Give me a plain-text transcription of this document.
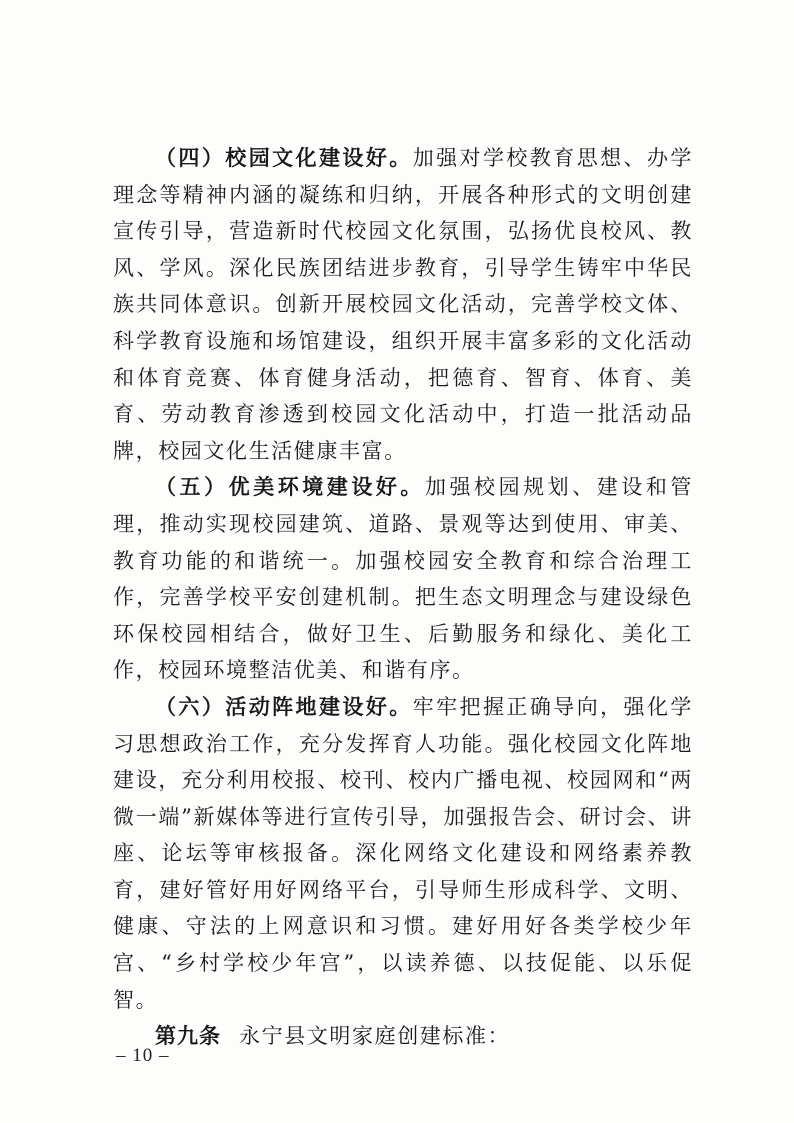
（四）校园文化建设好。加强对学校教育思想、办学理念等精神内涵的凝练和归纳，开展各种形式的文明创建宣传引导，营造新时代校园文化氛围，弘扬优良校风、教风、学风。深化民族团结进步教育，引导学生铸牢中华民族共同体意识。创新开展校园文化活动，完善学校文体、科学教育设施和场馆建设，组织开展丰富多彩的文化活动和体育竞赛、体育健身活动，把德育、智育、体育、美育、劳动教育渗透到校园文化活动中，打造一批活动品牌，校园文化生活健康丰富。

（五）优美环境建设好。加强校园规划、建设和管理，推动实现校园建筑、道路、景观等达到使用、审美、教育功能的和谐统一。加强校园安全教育和综合治理工作，完善学校平安创建机制。把生态文明理念与建设绿色环保校园相结合，做好卫生、后勤服务和绿化、美化工作，校园环境整洁优美、和谐有序。

（六）活动阵地建设好。牢牢把握正确导向，强化学习思想政治工作，充分发挥育人功能。强化校园文化阵地建设，充分利用校报、校刊、校内广播电视、校园网和“两微一端”新媒体等进行宣传引导，加强报告会、研讨会、讲座、论坛等审核报备。深化网络文化建设和网络素养教育，建好管好用好网络平台，引导师生形成科学、文明、健康、守法的上网意识和习惯。建好用好各类学校少年宫、“乡村学校少年宫”，以读养德、以技促能、以乐促智。

第九条 永宁县文明家庭创建标准：

– 10 –
